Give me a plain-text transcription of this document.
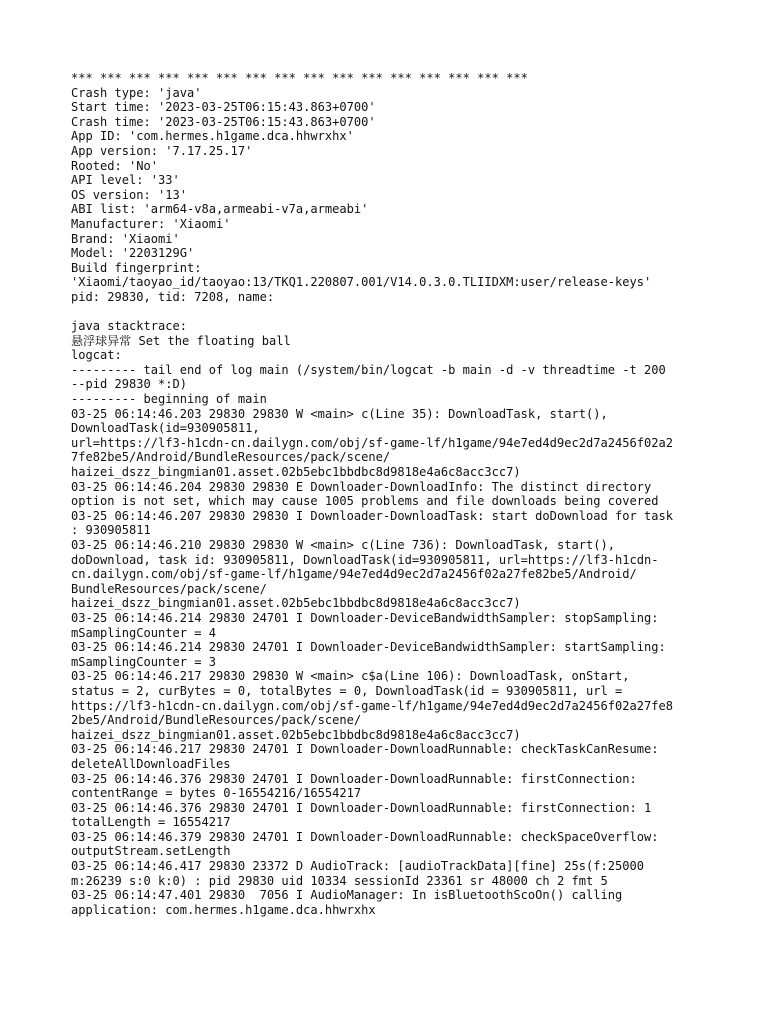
*** *** *** *** *** *** *** *** *** *** *** *** *** *** *** ***
Crash type: 'java'
Start time: '2023-03-25T06:15:43.863+0700'
Crash time: '2023-03-25T06:15:43.863+0700'
App ID: 'com.hermes.h1game.dca.hhwrxhx'
App version: '7.17.25.17'
Rooted: 'No'
API level: '33'
OS version: '13'
ABI list: 'arm64-v8a,armeabi-v7a,armeabi'
Manufacturer: 'Xiaomi'
Brand: 'Xiaomi'
Model: '2203129G'
Build fingerprint:
'Xiaomi/taoyao_id/taoyao:13/TKQ1.220807.001/V14.0.3.0.TLIIDXM:user/release-keys'
pid: 29830, tid: 7208, name:
java stacktrace:
悬浮球异常 Set the floating ball
logcat:
--------- tail end of log main (/system/bin/logcat -b main -d -v threadtime -t 200
--pid 29830 *:D)
--------- beginning of main
03-25 06:14:46.203 29830 29830 W <main> c(Line 35): DownloadTask, start(),
DownloadTask(id=930905811,
url=https://lf3-h1cdn-cn.dailygn.com/obj/sf-game-lf/h1game/94e7ed4d9ec2d7a2456f02a2
7fe82be5/Android/BundleResources/pack/scene/
haizei_dszz_bingmian01.asset.02b5ebc1bbdbc8d9818e4a6c8acc3cc7)
03-25 06:14:46.204 29830 29830 E Downloader-DownloadInfo: The distinct directory
option is not set, which may cause 1005 problems and file downloads being covered
03-25 06:14:46.207 29830 29830 I Downloader-DownloadTask: start doDownload for task
: 930905811
03-25 06:14:46.210 29830 29830 W <main> c(Line 736): DownloadTask, start(),
doDownload, task id: 930905811, DownloadTask(id=930905811, url=https://lf3-h1cdn-
cn.dailygn.com/obj/sf-game-lf/h1game/94e7ed4d9ec2d7a2456f02a27fe82be5/Android/
BundleResources/pack/scene/
haizei_dszz_bingmian01.asset.02b5ebc1bbdbc8d9818e4a6c8acc3cc7)
03-25 06:14:46.214 29830 24701 I Downloader-DeviceBandwidthSampler: stopSampling:
mSamplingCounter = 4
03-25 06:14:46.214 29830 24701 I Downloader-DeviceBandwidthSampler: startSampling:
mSamplingCounter = 3
03-25 06:14:46.217 29830 29830 W <main> c$a(Line 106): DownloadTask, onStart,
status = 2, curBytes = 0, totalBytes = 0, DownloadTask(id = 930905811, url =
https://lf3-h1cdn-cn.dailygn.com/obj/sf-game-lf/h1game/94e7ed4d9ec2d7a2456f02a27fe8
2be5/Android/BundleResources/pack/scene/
haizei_dszz_bingmian01.asset.02b5ebc1bbdbc8d9818e4a6c8acc3cc7)
03-25 06:14:46.217 29830 24701 I Downloader-DownloadRunnable: checkTaskCanResume:
deleteAllDownloadFiles
03-25 06:14:46.376 29830 24701 I Downloader-DownloadRunnable: firstConnection:
contentRange = bytes 0-16554216/16554217
03-25 06:14:46.376 29830 24701 I Downloader-DownloadRunnable: firstConnection: 1
totalLength = 16554217
03-25 06:14:46.379 29830 24701 I Downloader-DownloadRunnable: checkSpaceOverflow:
outputStream.setLength
03-25 06:14:46.417 29830 23372 D AudioTrack: [audioTrackData][fine] 25s(f:25000
m:26239 s:0 k:0) : pid 29830 uid 10334 sessionId 23361 sr 48000 ch 2 fmt 5
03-25 06:14:47.401 29830  7056 I AudioManager: In isBluetoothScoOn() calling
application: com.hermes.h1game.dca.hhwrxhx
